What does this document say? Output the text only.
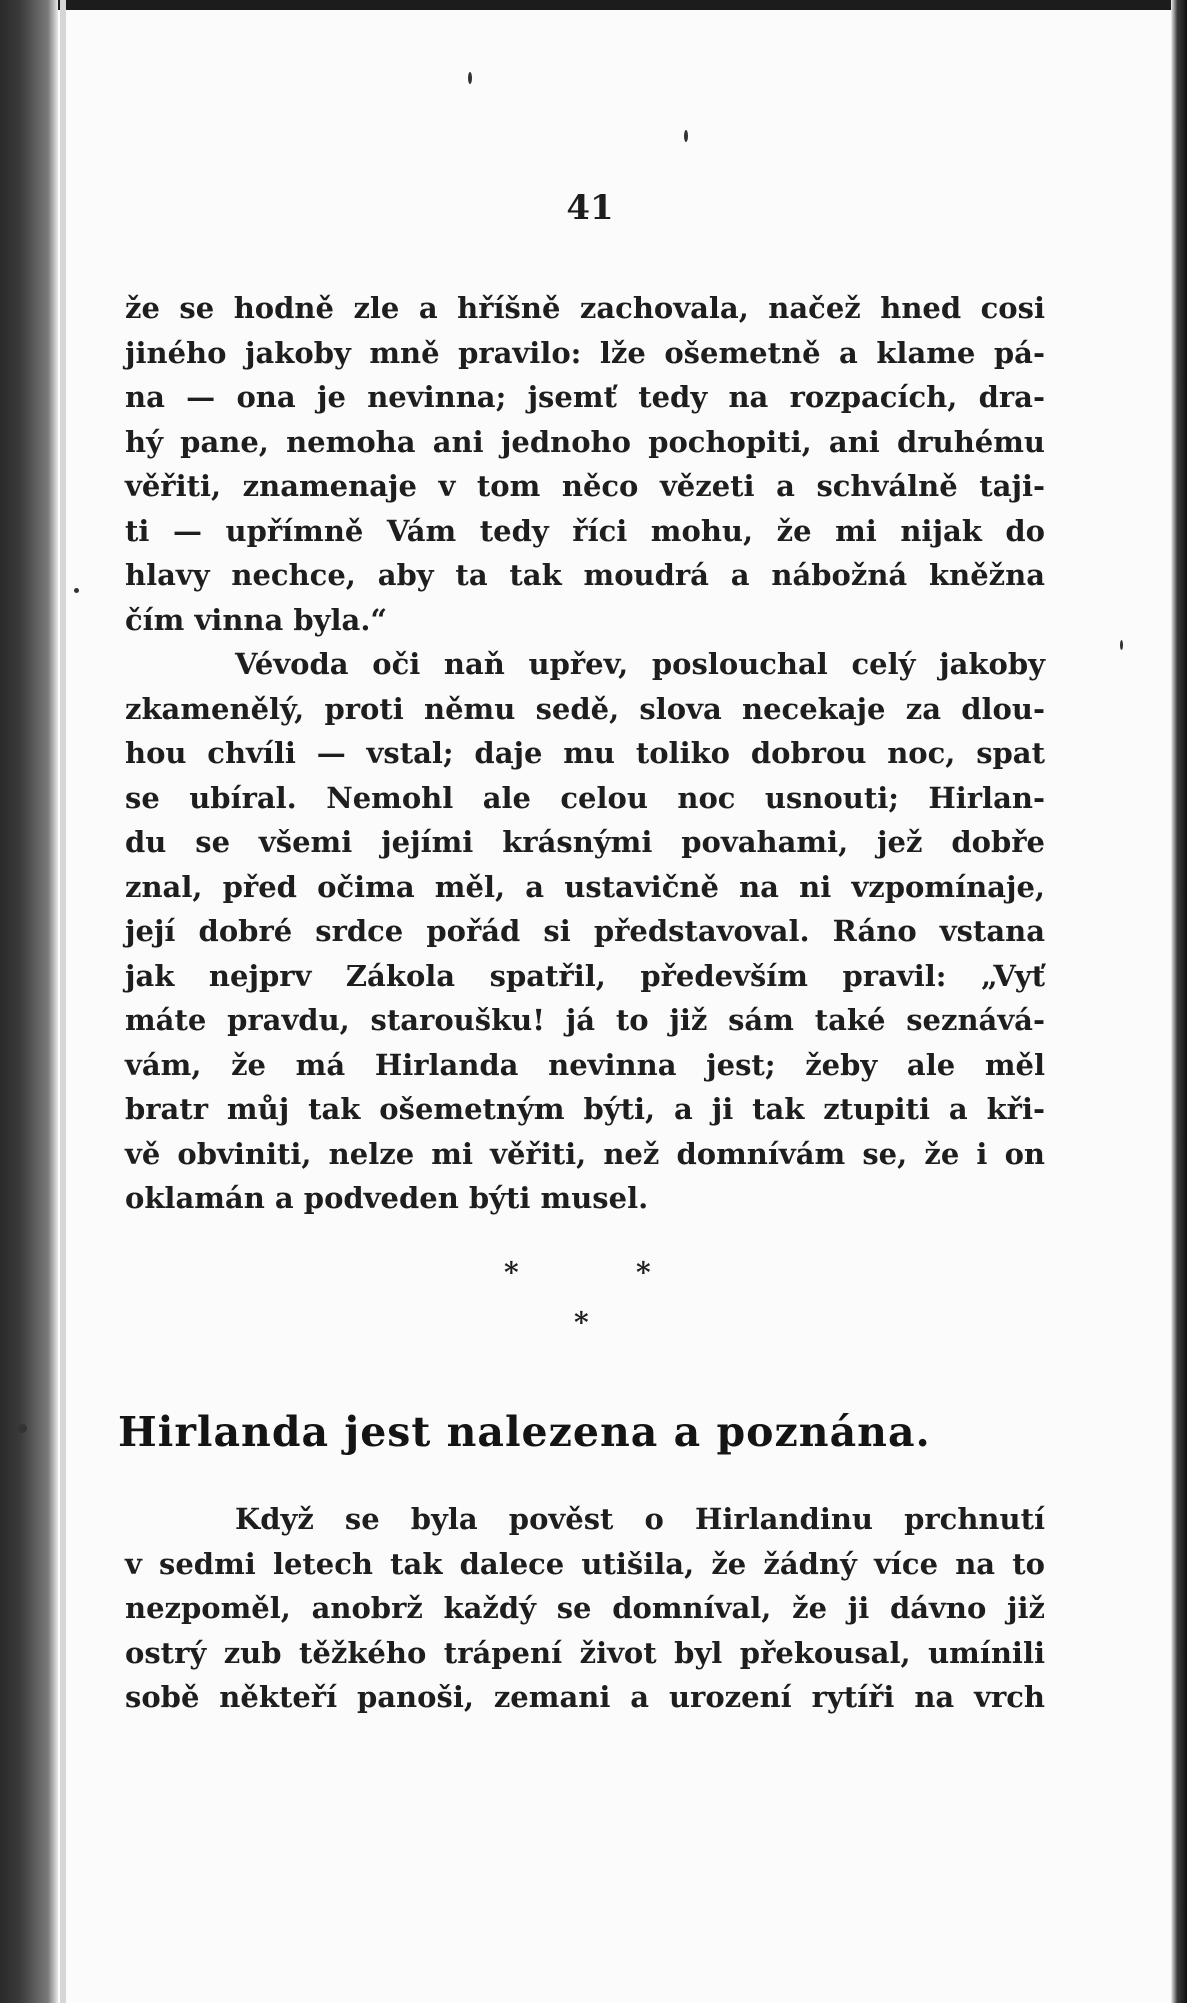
41
že se hodně zle a hříšně zachovala, načež hned cosi
jiného jakoby mně pravilo: lže ošemetně a klame pá-
na — ona je nevinna; jsemť tedy na rozpacích, dra-
hý pane, nemoha ani jednoho pochopiti, ani druhému
věřiti, znamenaje v tom něco vězeti a schválně taji-
ti — upřímně Vám tedy říci mohu, že mi nijak do
hlavy nechce, aby ta tak moudrá a nábožná kněžna
čím vinna byla.“
Vévoda oči naň upřev, poslouchal celý jakoby
zkamenělý, proti němu sedě, slova necekaje za dlou-
hou chvíli — vstal; daje mu toliko dobrou noc, spat
se ubíral. Nemohl ale celou noc usnouti; Hirlan-
du se všemi jejími krásnými povahami, jež dobře
znal, před očima měl, a ustavičně na ni vzpomínaje,
její dobré srdce pořád si představoval. Ráno vstana
jak nejprv Zákola spatřil, především pravil: „Vyť
máte pravdu, staroušku! já to již sám také seznává-
vám, že má Hirlanda nevinna jest; žeby ale měl
bratr můj tak ošemetným býti, a ji tak ztupiti a kři-
vě obviniti, nelze mi věřiti, než domnívám se, že i on
oklamán a podveden býti musel.
*	*
*
Hirlanda jest nalezena a poznána.
Když se byla pověst o Hirlandinu prchnutí
v sedmi letech tak dalece utišila, že žádný více na to
nezpoměl, anobrž každý se domníval, že ji dávno již
ostrý zub těžkého trápení život byl překousal, umínili
sobě někteří panoši, zemani a urození rytíři na vrch
